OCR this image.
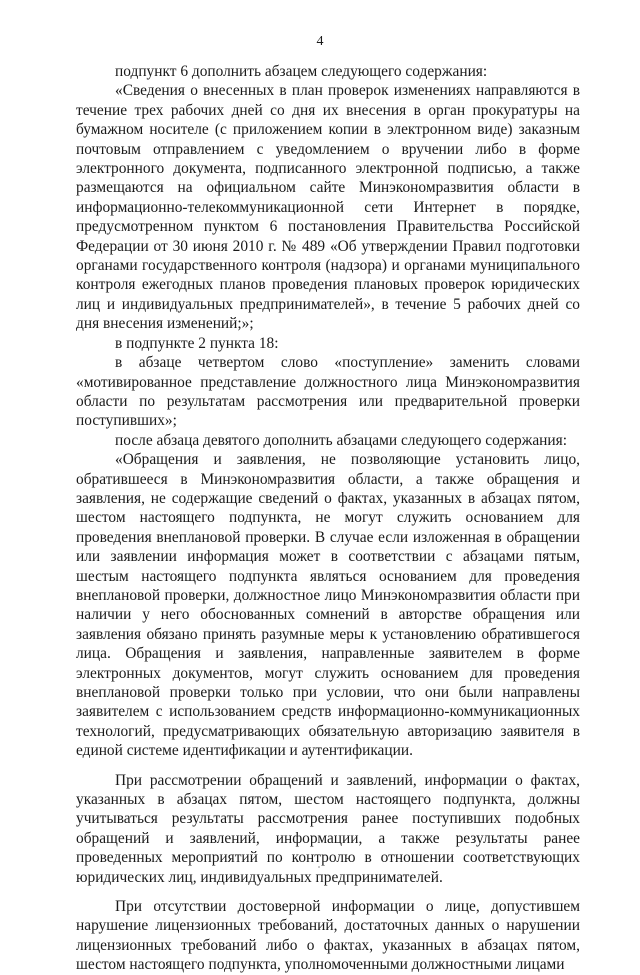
4

подпункт 6 дополнить абзацем следующего содержания:

«Сведения о внесенных в план проверок изменениях направляются в течение трех рабочих дней со дня их внесения в орган прокуратуры на бумажном носителе (с приложением копии в электронном виде) заказным почтовым отправлением с уведомлением о вручении либо в форме электронного документа, подписанного электронной подписью, а также размещаются на официальном сайте Минэкономразвития области в информационно-телекоммуникационной сети Интернет в порядке, предусмотренном пунктом 6 постановления Правительства Российской Федерации от 30 июня 2010 г. № 489 «Об утверждении Правил подготовки органами государственного контроля (надзора) и органами муниципального контроля ежегодных планов проведения плановых проверок юридических лиц и индивидуальных предпринимателей», в течение 5 рабочих дней со дня внесения изменений;»;

в подпункте 2 пункта 18:

в абзаце четвертом слово «поступление» заменить словами «мотивированное представление должностного лица Минэкономразвития области по результатам рассмотрения или предварительной проверки поступивших»;

после абзаца девятого дополнить абзацами следующего содержания:

«Обращения и заявления, не позволяющие установить лицо, обратившееся в Минэкономразвития области, а также обращения и заявления, не содержащие сведений о фактах, указанных в абзацах пятом, шестом настоящего подпункта, не могут служить основанием для проведения внеплановой проверки. В случае если изложенная в обращении или заявлении информация может в соответствии с абзацами пятым, шестым настоящего подпункта являться основанием для проведения внеплановой проверки, должностное лицо Минэкономразвития области при наличии у него обоснованных сомнений в авторстве обращения или заявления обязано принять разумные меры к установлению обратившегося лица. Обращения и заявления, направленные заявителем в форме электронных документов, могут служить основанием для проведения внеплановой проверки только при условии, что они были направлены заявителем с использованием средств информационно-коммуникационных технологий, предусматривающих обязательную авторизацию заявителя в единой системе идентификации и аутентификации.

При рассмотрении обращений и заявлений, информации о фактах, указанных в абзацах пятом, шестом настоящего подпункта, должны учитываться результаты рассмотрения ранее поступивших подобных обращений и заявлений, информации, а также результаты ранее проведенных мероприятий по контролю в отношении соответствующих юридических лиц, индивидуальных предпринимателей.

При отсутствии достоверной информации о лице, допустившем нарушение лицензионных требований, достаточных данных о нарушении лицензионных требований либо о фактах, указанных в абзацах пятом, шестом настоящего подпункта, уполномоченными должностными лицами
